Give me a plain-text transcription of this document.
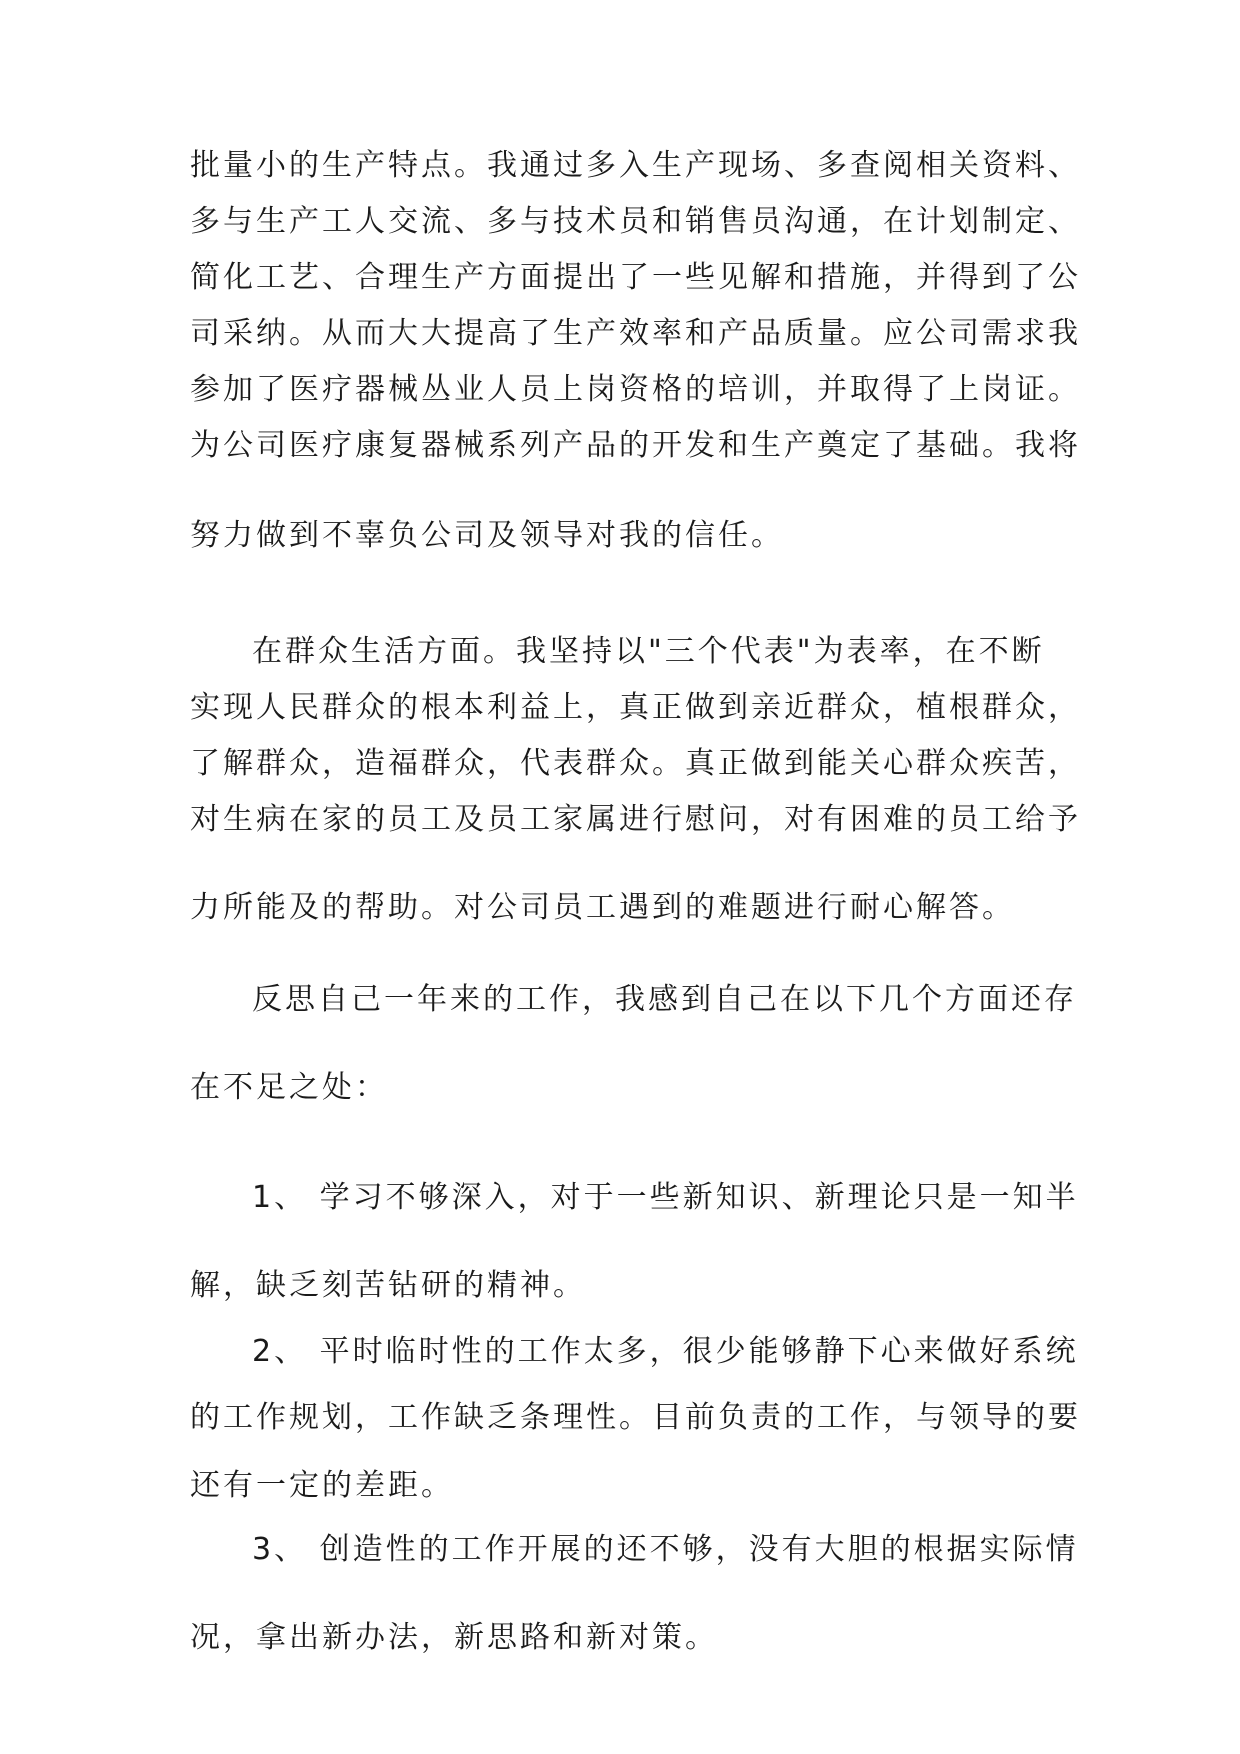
批量小的生产特点。我通过多入生产现场、多查阅相关资料、
多与生产工人交流、多与技术员和销售员沟通，在计划制定、
简化工艺、合理生产方面提出了一些见解和措施，并得到了公
司采纳。从而大大提高了生产效率和产品质量。应公司需求我
参加了医疗器械丛业人员上岗资格的培训，并取得了上岗证。
为公司医疗康复器械系列产品的开发和生产奠定了基础。我将
努力做到不辜负公司及领导对我的信任。
在群众生活方面。我坚持以"三个代表"为表率，在不断
实现人民群众的根本利益上，真正做到亲近群众，植根群众，
了解群众，造福群众，代表群众。真正做到能关心群众疾苦，
对生病在家的员工及员工家属进行慰问，对有困难的员工给予
力所能及的帮助。对公司员工遇到的难题进行耐心解答。
反思自己一年来的工作，我感到自己在以下几个方面还存
在不足之处：
1、 学习不够深入，对于一些新知识、新理论只是一知半
解，缺乏刻苦钻研的精神。
2、 平时临时性的工作太多，很少能够静下心来做好系统
的工作规划，工作缺乏条理性。目前负责的工作，与领导的要
还有一定的差距。
3、 创造性的工作开展的还不够，没有大胆的根据实际情
况，拿出新办法，新思路和新对策。
